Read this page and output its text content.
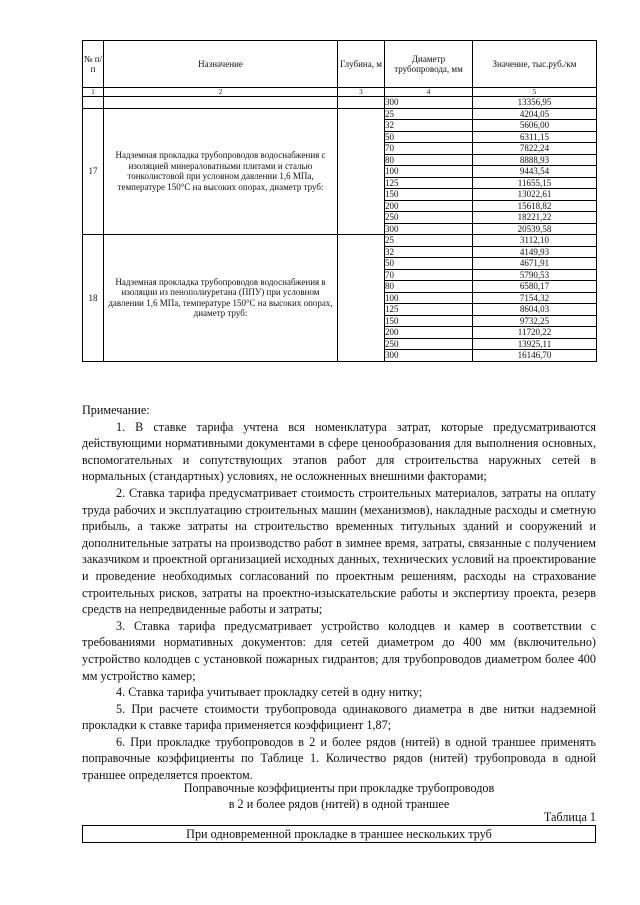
№ п/п	Назначение	Глубина, м	Диаметр трубопровода, мм	Значение, тыс.руб./км
1	2	3	4	5
			300	13356,95
17	Надземная прокладка трубопроводов водоснабжения с изоляцией минераловатными плитами и сталью тонколистовой при условном давлении 1,6 МПа, температуре 150°С на высоких опорах, диаметр труб:		25	4204,05
			32	5606,00
			50	6311,15
			70	7822,24
			80	8888,93
			100	9443,54
			125	11655,15
			150	13022,61
			200	15618,82
			250	18221,22
			300	20539,58
18	Надземная прокладка трубопроводов водоснабжения в изоляции из пенополиуретана (ППУ) при условном давлении 1,6 МПа, температуре 150°С на высоких опорах, диаметр труб:		25	3112,10
			32	4149,93
			50	4671,91
			70	5790,53
			80	6580,17
			100	7154,32
			125	8604,03
			150	9732,25
			200	11720,22
			250	13925,11
			300	16146,70

Примечание:

1. В ставке тарифа учтена вся номенклатура затрат, которые предусматриваются действующими нормативными документами в сфере ценообразования для выполнения основных, вспомогательных и сопутствующих этапов работ для строительства наружных сетей в нормальных (стандартных) условиях, не осложненных внешними факторами;

2. Ставка тарифа предусматривает стоимость строительных материалов, затраты на оплату труда рабочих и эксплуатацию строительных машин (механизмов), накладные расходы и сметную прибыль, а также затраты на строительство временных титульных зданий и сооружений и дополнительные затраты на производство работ в зимнее время, затраты, связанные с получением заказчиком и проектной организацией исходных данных, технических условий на проектирование и проведение необходимых согласований по проектным решениям, расходы на страхование строительных рисков, затраты на проектно-изыскательские работы и экспертизу проекта, резерв средств на непредвиденные работы и затраты;

3. Ставка тарифа предусматривает устройство колодцев и камер в соответствии с требованиями нормативных документов: для сетей диаметром до 400 мм (включительно) устройство колодцев с установкой пожарных гидрантов; для трубопроводов диаметром более 400 мм устройство камер;

4. Ставка тарифа учитывает прокладку сетей в одну нитку;

5. При расчете стоимости трубопровода одинакового диаметра в две нитки надземной прокладки к ставке тарифа применяется коэффициент 1,87;

6. При прокладке трубопроводов в 2 и более рядов (нитей) в одной траншее применять поправочные коэффициенты по Таблице 1. Количество рядов (нитей) трубопровода в одной траншее определяется проектом.

Поправочные коэффициенты при прокладке трубопроводов
в 2 и более рядов (нитей) в одной траншее
Таблица 1
При одновременной прокладке в траншее нескольких труб
